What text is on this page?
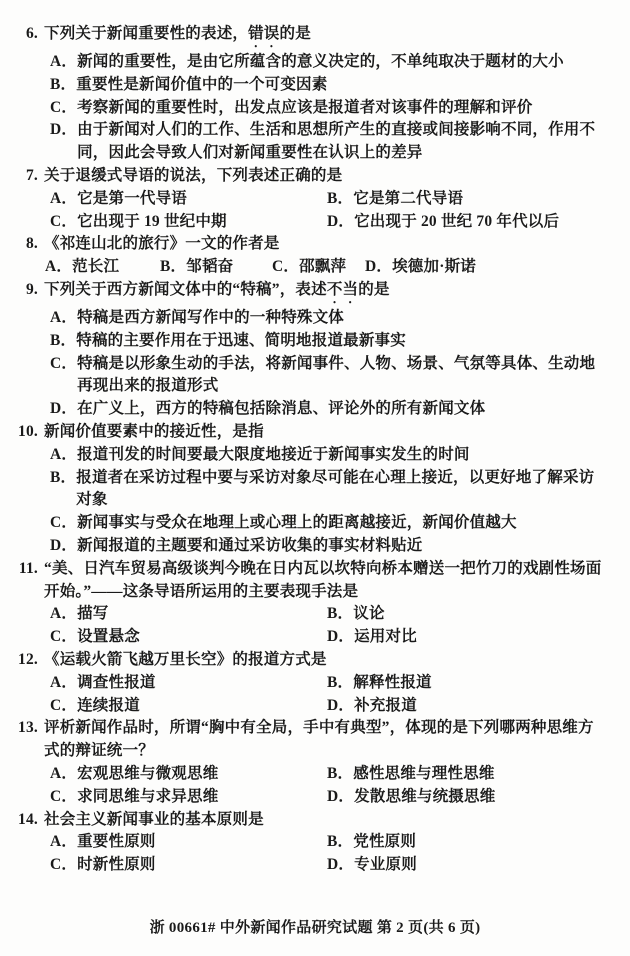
6. 下列关于新闻重要性的表述，错误的是

A． 新闻的重要性，是由它所蕴含的意义决定的，不单纯取决于题材的大小
B． 重要性是新闻价值中的一个可变因素
C． 考察新闻的重要性时，出发点应该是报道者对该事件的理解和评价
D． 由于新闻对人们的工作、生活和思想所产生的直接或间接影响不同，作用不同，因此会导致人们对新闻重要性在认识上的差异
7. 关于退缓式导语的说法，下列表述正确的是

A． 它是第一代导语	B． 它是第二代导语
C． 它出现于 19 世纪中期	D． 它出现于 20 世纪 70 年代以后
8. 《祁连山北的旅行》一文的作者是

A． 范长江	B． 邹韬奋	C． 邵飘萍	D． 埃德加·斯诺
9. 下列关于西方新闻文体中的“特稿”，表述不当的是

A． 特稿是西方新闻写作中的一种特殊文体
B． 特稿的主要作用在于迅速、简明地报道最新事实
C． 特稿是以形象生动的手法，将新闻事件、人物、场景、气氛等具体、生动地再现出来的报道形式
D． 在广义上，西方的特稿包括除消息、评论外的所有新闻文体
10. 新闻价值要素中的接近性，是指

A． 报道刊发的时间要最大限度地接近于新闻事实发生的时间
B． 报道者在采访过程中要与采访对象尽可能在心理上接近，以更好地了解采访对象
C． 新闻事实与受众在地理上或心理上的距离越接近，新闻价值越大
D． 新闻报道的主题要和通过采访收集的事实材料贴近
11. “美、日汽车贸易高级谈判今晚在日内瓦以坎特向桥本赠送一把竹刀的戏剧性场面开始。”——这条导语所运用的主要表现手法是

A． 描写	B． 议论
C． 设置悬念	D． 运用对比
12. 《运载火箭飞越万里长空》的报道方式是

A． 调查性报道	B． 解释性报道
C． 连续报道	D． 补充报道
13. 评析新闻作品时，所谓“胸中有全局，手中有典型”，体现的是下列哪两种思维方式的辩证统一？

A． 宏观思维与微观思维	B． 感性思维与理性思维
C． 求同思维与求异思维	D． 发散思维与统摄思维
14. 社会主义新闻事业的基本原则是

A． 重要性原则	B． 党性原则
C． 时新性原则	D． 专业原则
浙 00661# 中外新闻作品研究试题 第 2 页(共 6 页)
